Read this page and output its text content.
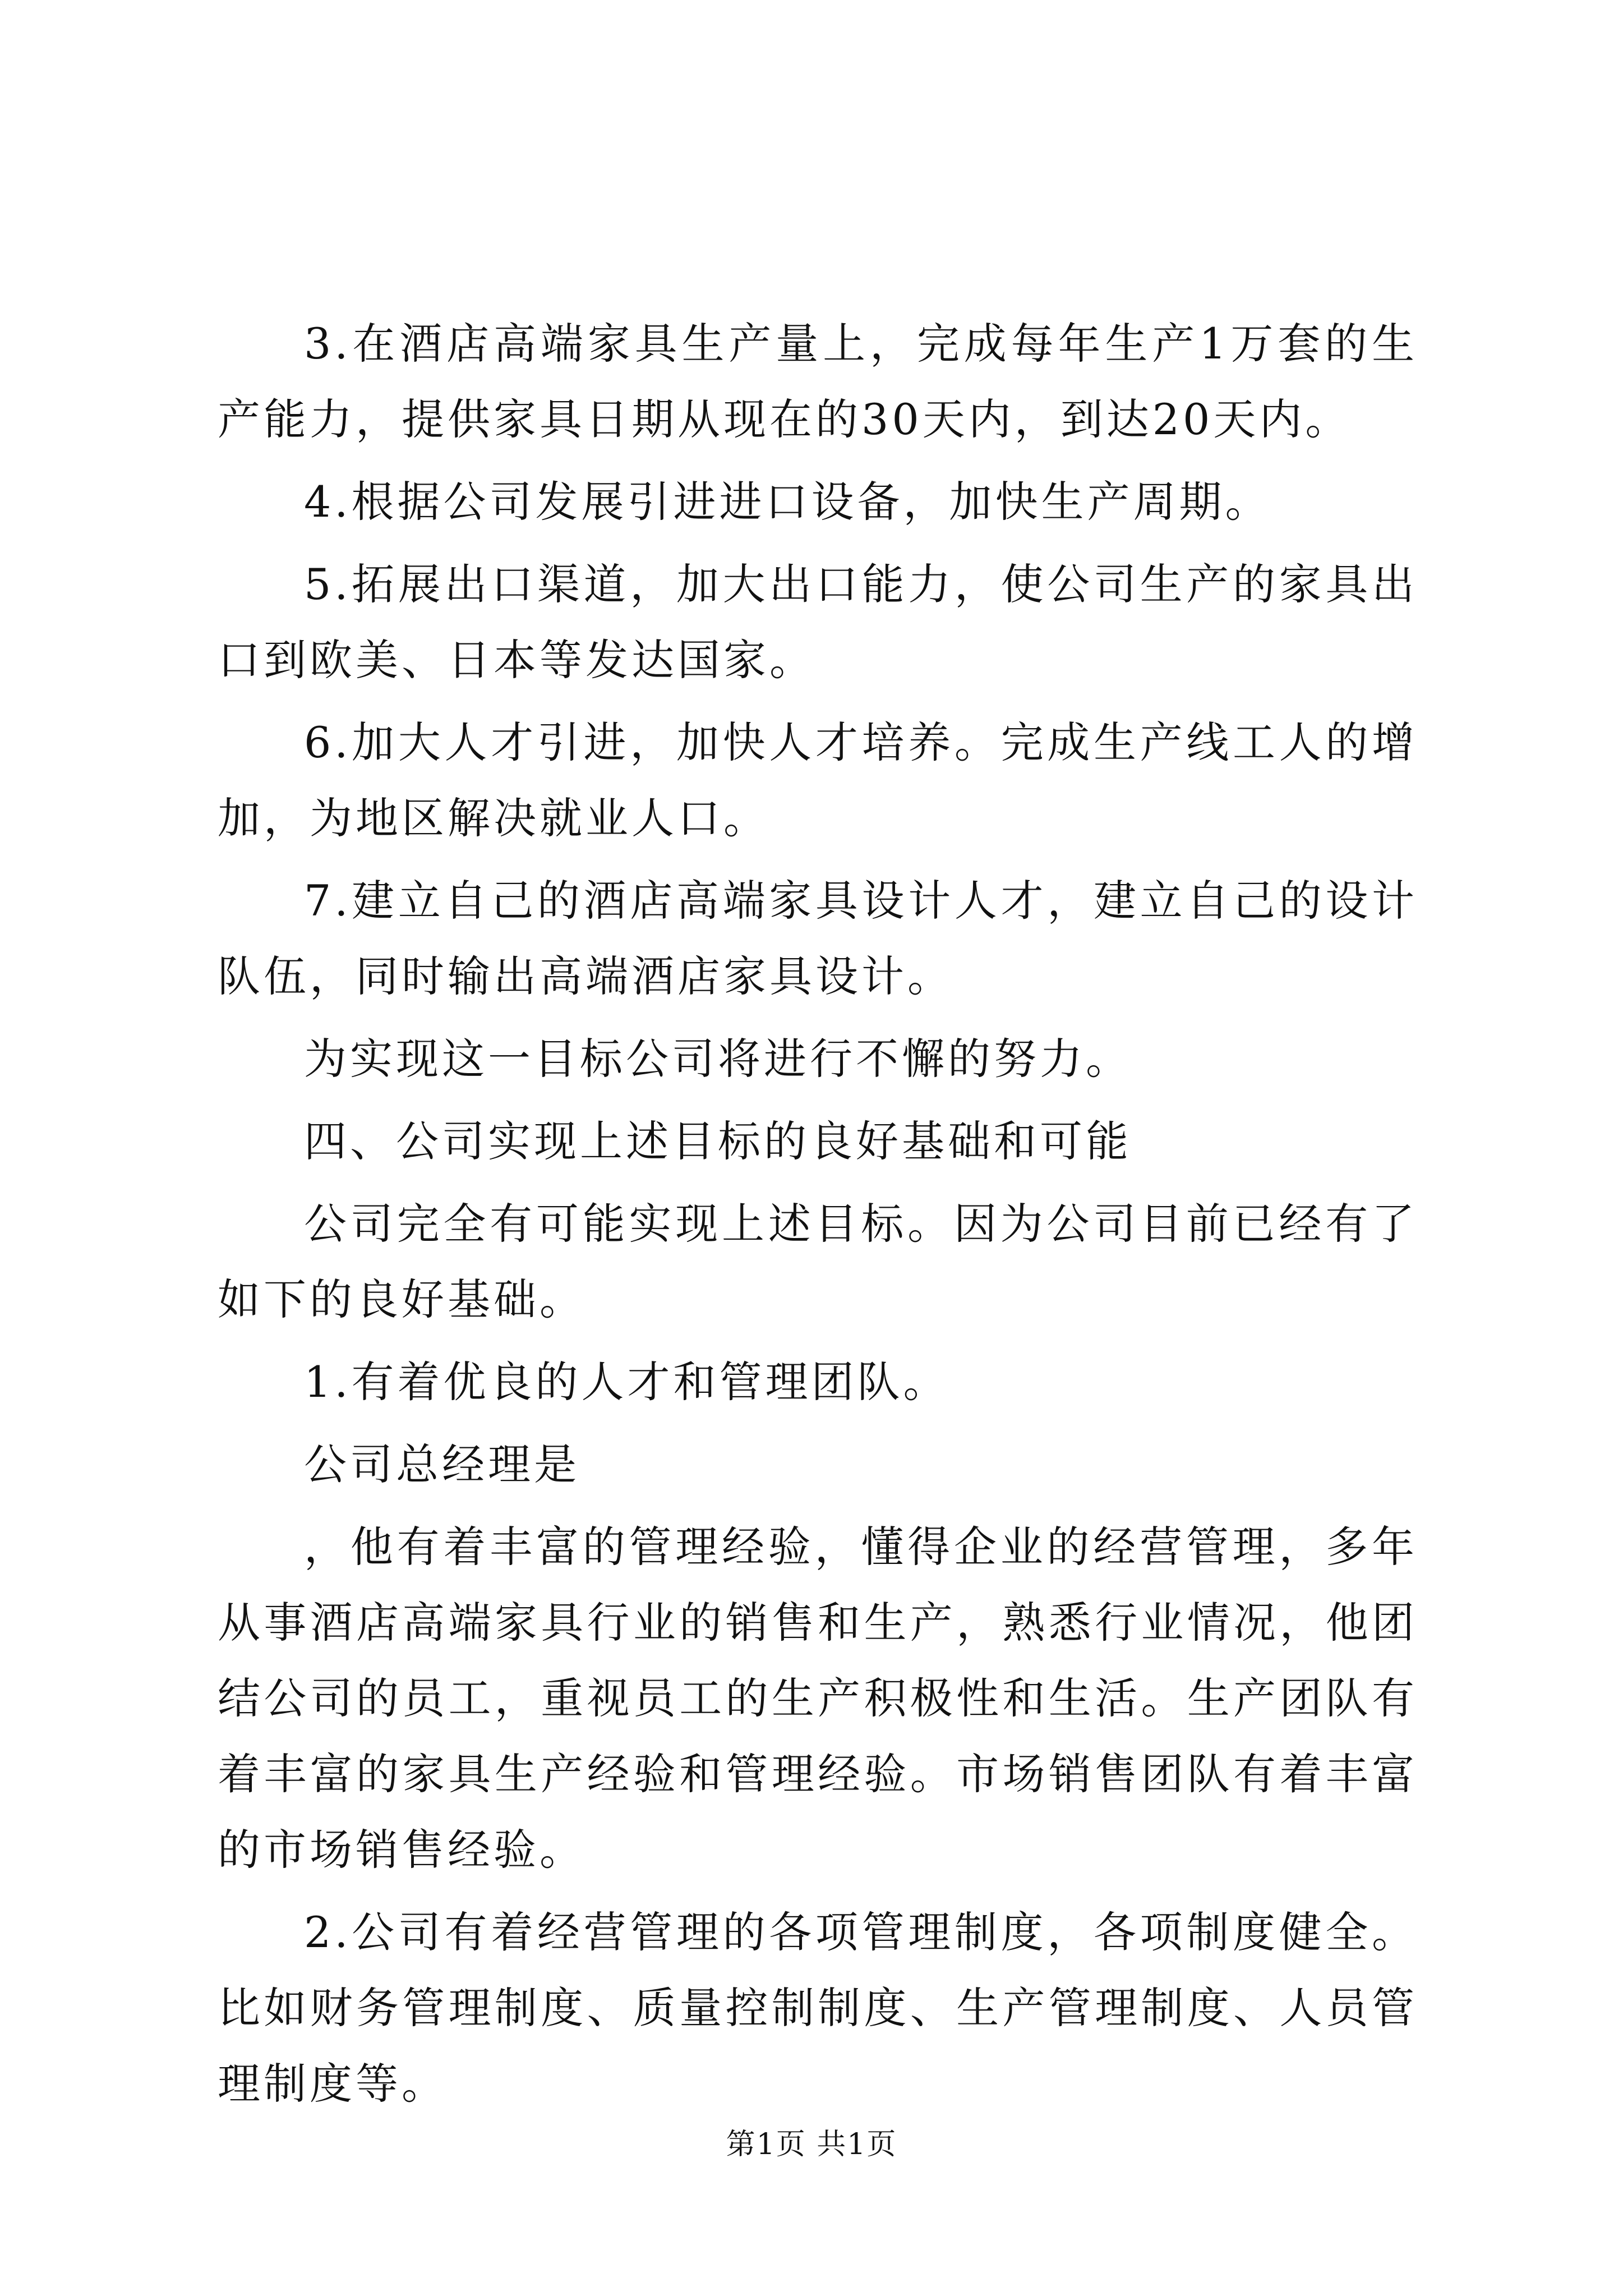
3.在酒店高端家具生产量上，完成每年生产1万套的生产能力，提供家具日期从现在的30天内，到达20天内。

4.根据公司发展引进进口设备，加快生产周期。

5.拓展出口渠道，加大出口能力，使公司生产的家具出口到欧美、日本等发达国家。

6.加大人才引进，加快人才培养。完成生产线工人的增加，为地区解决就业人口。

7.建立自己的酒店高端家具设计人才，建立自己的设计队伍，同时输出高端酒店家具设计。

为实现这一目标公司将进行不懈的努力。

四、公司实现上述目标的良好基础和可能

公司完全有可能实现上述目标。因为公司目前已经有了如下的良好基础。

1.有着优良的人才和管理团队。

公司总经理是

，他有着丰富的管理经验，懂得企业的经营管理，多年从事酒店高端家具行业的销售和生产，熟悉行业情况，他团结公司的员工，重视员工的生产积极性和生活。生产团队有着丰富的家具生产经验和管理经验。市场销售团队有着丰富的市场销售经验。

2.公司有着经营管理的各项管理制度，各项制度健全。比如财务管理制度、质量控制制度、生产管理制度、人员管理制度等。

第1页 共1页
